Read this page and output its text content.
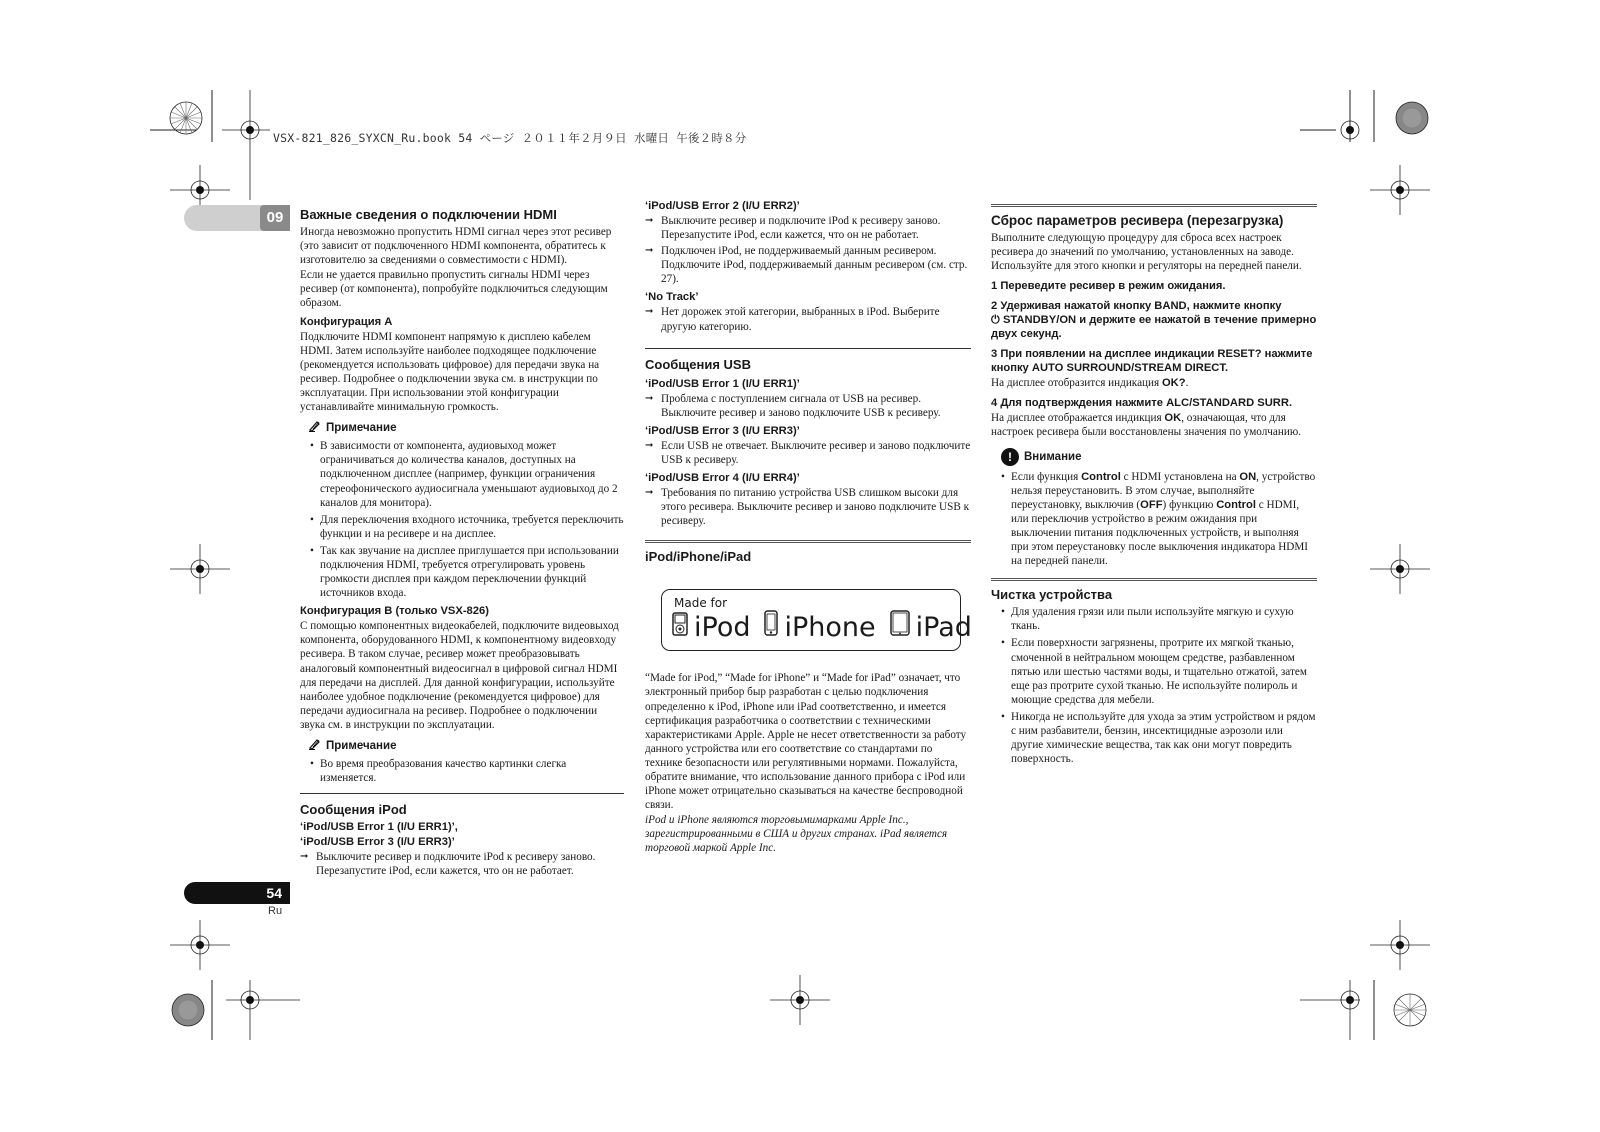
VSX-821_826_SYXCN_Ru.book 54 ページ ２０１１年２月９日 水曜日 午後２時８分
09
54
Ru
Важные сведения о подключении HDMI

Иногда невозможно пропустить HDMI сигнал через этот ресивер (это зависит от подключенного HDMI компонента, обратитесь к изготовителю за сведениями о совместимости с HDMI).

Если не удается правильно пропустить сигналы HDMI через ресивер (от компонента), попробуйте подключиться следующим образом.

Конфигурация А

Подключите HDMI компонент напрямую к дисплею кабелем HDMI. Затем используйте наиболее подходящее подключение (рекомендуется использовать цифровое) для передачи звука на ресивер. Подробнее о подключении звука см. в инструкции по эксплуатации. При использовании этой конфигурации устанавливайте минимальную громкость.

Примечание
• В зависимости от компонента, аудиовыход может ограничиваться до количества каналов, доступных на подключенном дисплее (например, функции ограничения стереофонического аудиосигнала уменьшают аудиовыход до 2 каналов для монитора).
• Для переключения входного источника, требуется переключить функции и на ресивере и на дисплее.
• Так как звучание на дисплее приглушается при использовании подключения HDMI, требуется отрегулировать уровень громкости дисплея при каждом переключении функций источников входа.
Конфигурация B (только VSX-826)

С помощью компонентных видеокабелей, подключите видеовыход компонента, оборудованного HDMI, к компонентному видеовходу ресивера. В таком случае, ресивер может преобразовывать аналоговый компонентный видеосигнал в цифровой сигнал HDMI для передачи на дисплей. Для данной конфигурации, используйте наиболее удобное подключение (рекомендуется цифровое) для передачи аудиосигнала на ресивер. Подробнее о подключении звука см. в инструкции по эксплуатации.

Примечание
• Во время преобразования качество картинки слегка изменяется.
Сообщения iPod
‘iPod/USB Error 1 (I/U ERR1)’,
‘iPod/USB Error 3 (I/U ERR3)’
➞ Выключите ресивер и подключите iPod к ресиверу заново. Перезапустите iPod, если кажется, что он не работает.
‘iPod/USB Error 2 (I/U ERR2)’
➞ Выключите ресивер и подключите iPod к ресиверу заново. Перезапустите iPod, если кажется, что он не работает.
➞ Подключен iPod, не поддерживаемый данным ресивером. Подключите iPod, поддерживаемый данным ресивером (см. стр. 27).
‘No Track’
➞ Нет дорожек этой категории, выбранных в iPod. Выберите другую категорию.
Сообщения USB
‘iPod/USB Error 1 (I/U ERR1)’
➞ Проблема с поступлением сигнала от USB на ресивер. Выключите ресивер и заново подключите USB к ресиверу.
‘iPod/USB Error 3 (I/U ERR3)’
➞ Если USB не отвечает. Выключите ресивер и заново подключите USB к ресиверу.
‘iPod/USB Error 4 (I/U ERR4)’
➞ Требования по питанию устройства USB слишком высоки для этого ресивера. Выключите ресивер и заново подключите USB к ресиверу.
iPod/iPhone/iPad
Made for
iPod iPhone iPad

“Made for iPod,” “Made for iPhone” и “Made for iPad” означает, что электронный прибор быр разработан с целью подключения определенно к iPod, iPhone или iPad соответственно, и имеется сертификация разработчика о соответствии с техническими характеристиками Apple. Apple не несет ответственности за работу данного устройства или его соответствие со стандартами по технике безопасности или регулятивными нормами. Пожалуйста, обратите внимание, что использование данного прибора с iPod или iPhone может отрицательно сказываться на качестве беспроводной связи.

iPod и iPhone являются торговымимарками Apple Inc., зарегистрированными в США и других странах. iPad является торговой маркой Apple Inc.

Сброс параметров ресивера (перезагрузка)

Выполните следующую процедуру для сброса всех настроек ресивера до значений по умолчанию, установленных на заводе. Используйте для этого кнопки и регуляторы на передней панели.

1 Переведите ресивер в режим ожидания.
2 Удерживая нажатой кнопку BAND, нажмите кнопку
⏻ STANDBY/ON и держите ее нажатой в течение примерно двух секунд.
3 При появлении на дисплее индикации RESET? нажмите кнопку AUTO SURROUND/STREAM DIRECT.

На дисплее отобразится индикация OK?.

4 Для подтверждения нажмите ALC/STANDARD SURR.

На дисплее отображается индикция OK, означающая, что для настроек ресивера были восстановлены значения по умолчанию.

!	Внимание
• Если функция Control с HDMI установлена на ON, устройство нельзя переустановить. В этом случае, выполняйте переустановку, выключив (OFF) функцию Control с HDMI, или переключив устройство в режим ожидания при выключении питания подключенных устройств, и выполняя при этом переустановку после выключения индикатора HDMI на передней панели.
Чистка устройства
• Для удаления грязи или пыли используйте мягкую и сухую ткань.
• Если поверхности загрязнены, протрите их мягкой тканью, смоченной в нейтральном моющем средстве, разбавленном пятью или шестью частями воды, и тщательно отжатой, затем еще раз протрите сухой тканью. Не используйте полироль и моющие средства для мебели.
• Никогда не используйте для ухода за этим устройством и рядом с ним разбавители, бензин, инсектицидные аэрозоли или другие химические вещества, так как они могут повредить поверхность.
